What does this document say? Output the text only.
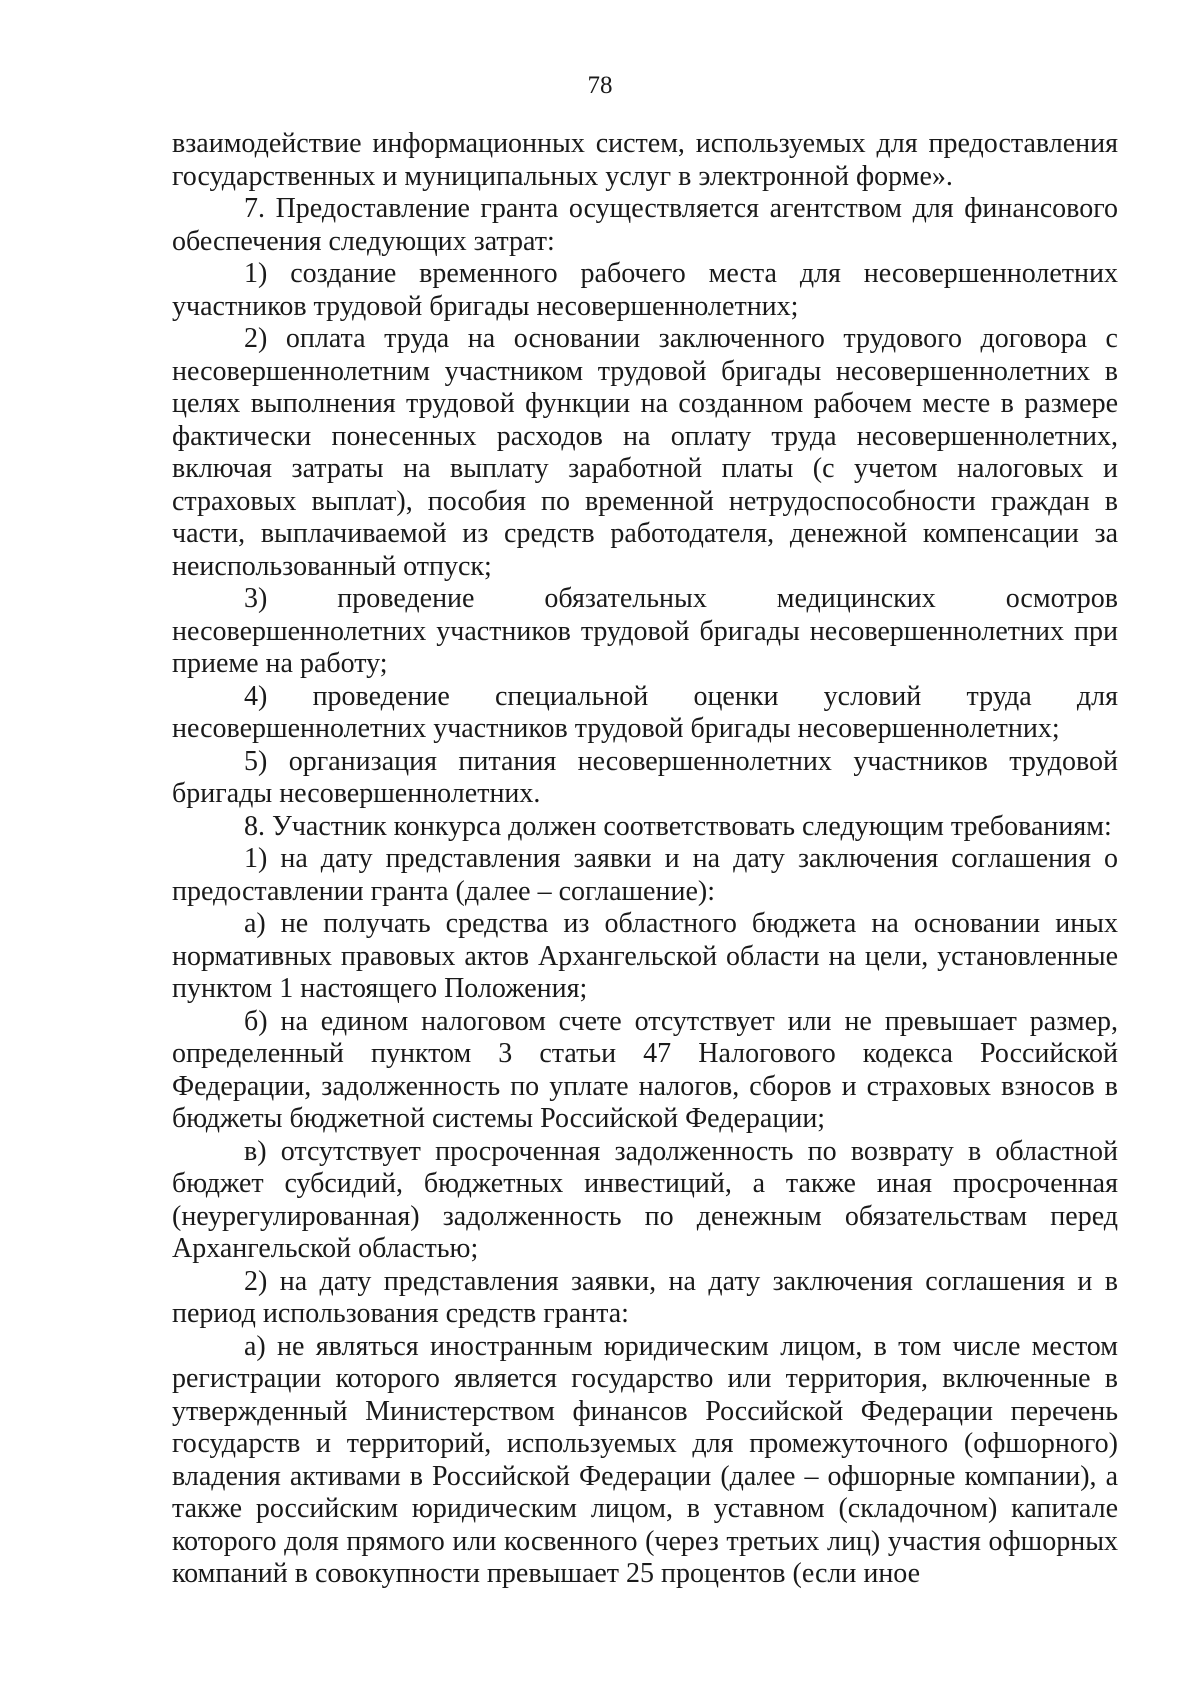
78

взаимодействие информационных систем, используемых для предоставления государственных и муниципальных услуг в электронной форме».

7. Предоставление гранта осуществляется агентством для финансового обеспечения следующих затрат:

1) создание временного рабочего места для несовершеннолетних участников трудовой бригады несовершеннолетних;

2) оплата труда на основании заключенного трудового договора с несовершеннолетним участником трудовой бригады несовершеннолетних в целях выполнения трудовой функции на созданном рабочем месте в размере фактически понесенных расходов на оплату труда несовершеннолетних, включая затраты на выплату заработной платы (с учетом налоговых и страховых выплат), пособия по временной нетрудоспособности граждан в части, выплачиваемой из средств работодателя, денежной компенсации за неиспользованный отпуск;

3) проведение обязательных медицинских осмотров несовершеннолетних участников трудовой бригады несовершеннолетних при приеме на работу;

4) проведение специальной оценки условий труда для несовершеннолетних участников трудовой бригады несовершеннолетних;

5) организация питания несовершеннолетних участников трудовой бригады несовершеннолетних.

8. Участник конкурса должен соответствовать следующим требованиям:

1) на дату представления заявки и на дату заключения соглашения о предоставлении гранта (далее – соглашение):

а) не получать средства из областного бюджета на основании иных нормативных правовых актов Архангельской области на цели, установленные пунктом 1 настоящего Положения;

б) на едином налоговом счете отсутствует или не превышает размер, определенный пунктом 3 статьи 47 Налогового кодекса Российской Федерации, задолженность по уплате налогов, сборов и страховых взносов в бюджеты бюджетной системы Российской Федерации;

в) отсутствует просроченная задолженность по возврату в областной бюджет субсидий, бюджетных инвестиций, а также иная просроченная (неурегулированная) задолженность по денежным обязательствам перед Архангельской областью;

2) на дату представления заявки, на дату заключения соглашения и в период использования средств гранта:

а) не являться иностранным юридическим лицом, в том числе местом регистрации которого является государство или территория, включенные в утвержденный Министерством финансов Российской Федерации перечень государств и территорий, используемых для промежуточного (офшорного) владения активами в Российской Федерации (далее – офшорные компании), а также российским юридическим лицом, в уставном (складочном) капитале которого доля прямого или косвенного (через третьих лиц) участия офшорных компаний в совокупности превышает 25 процентов (если иное
